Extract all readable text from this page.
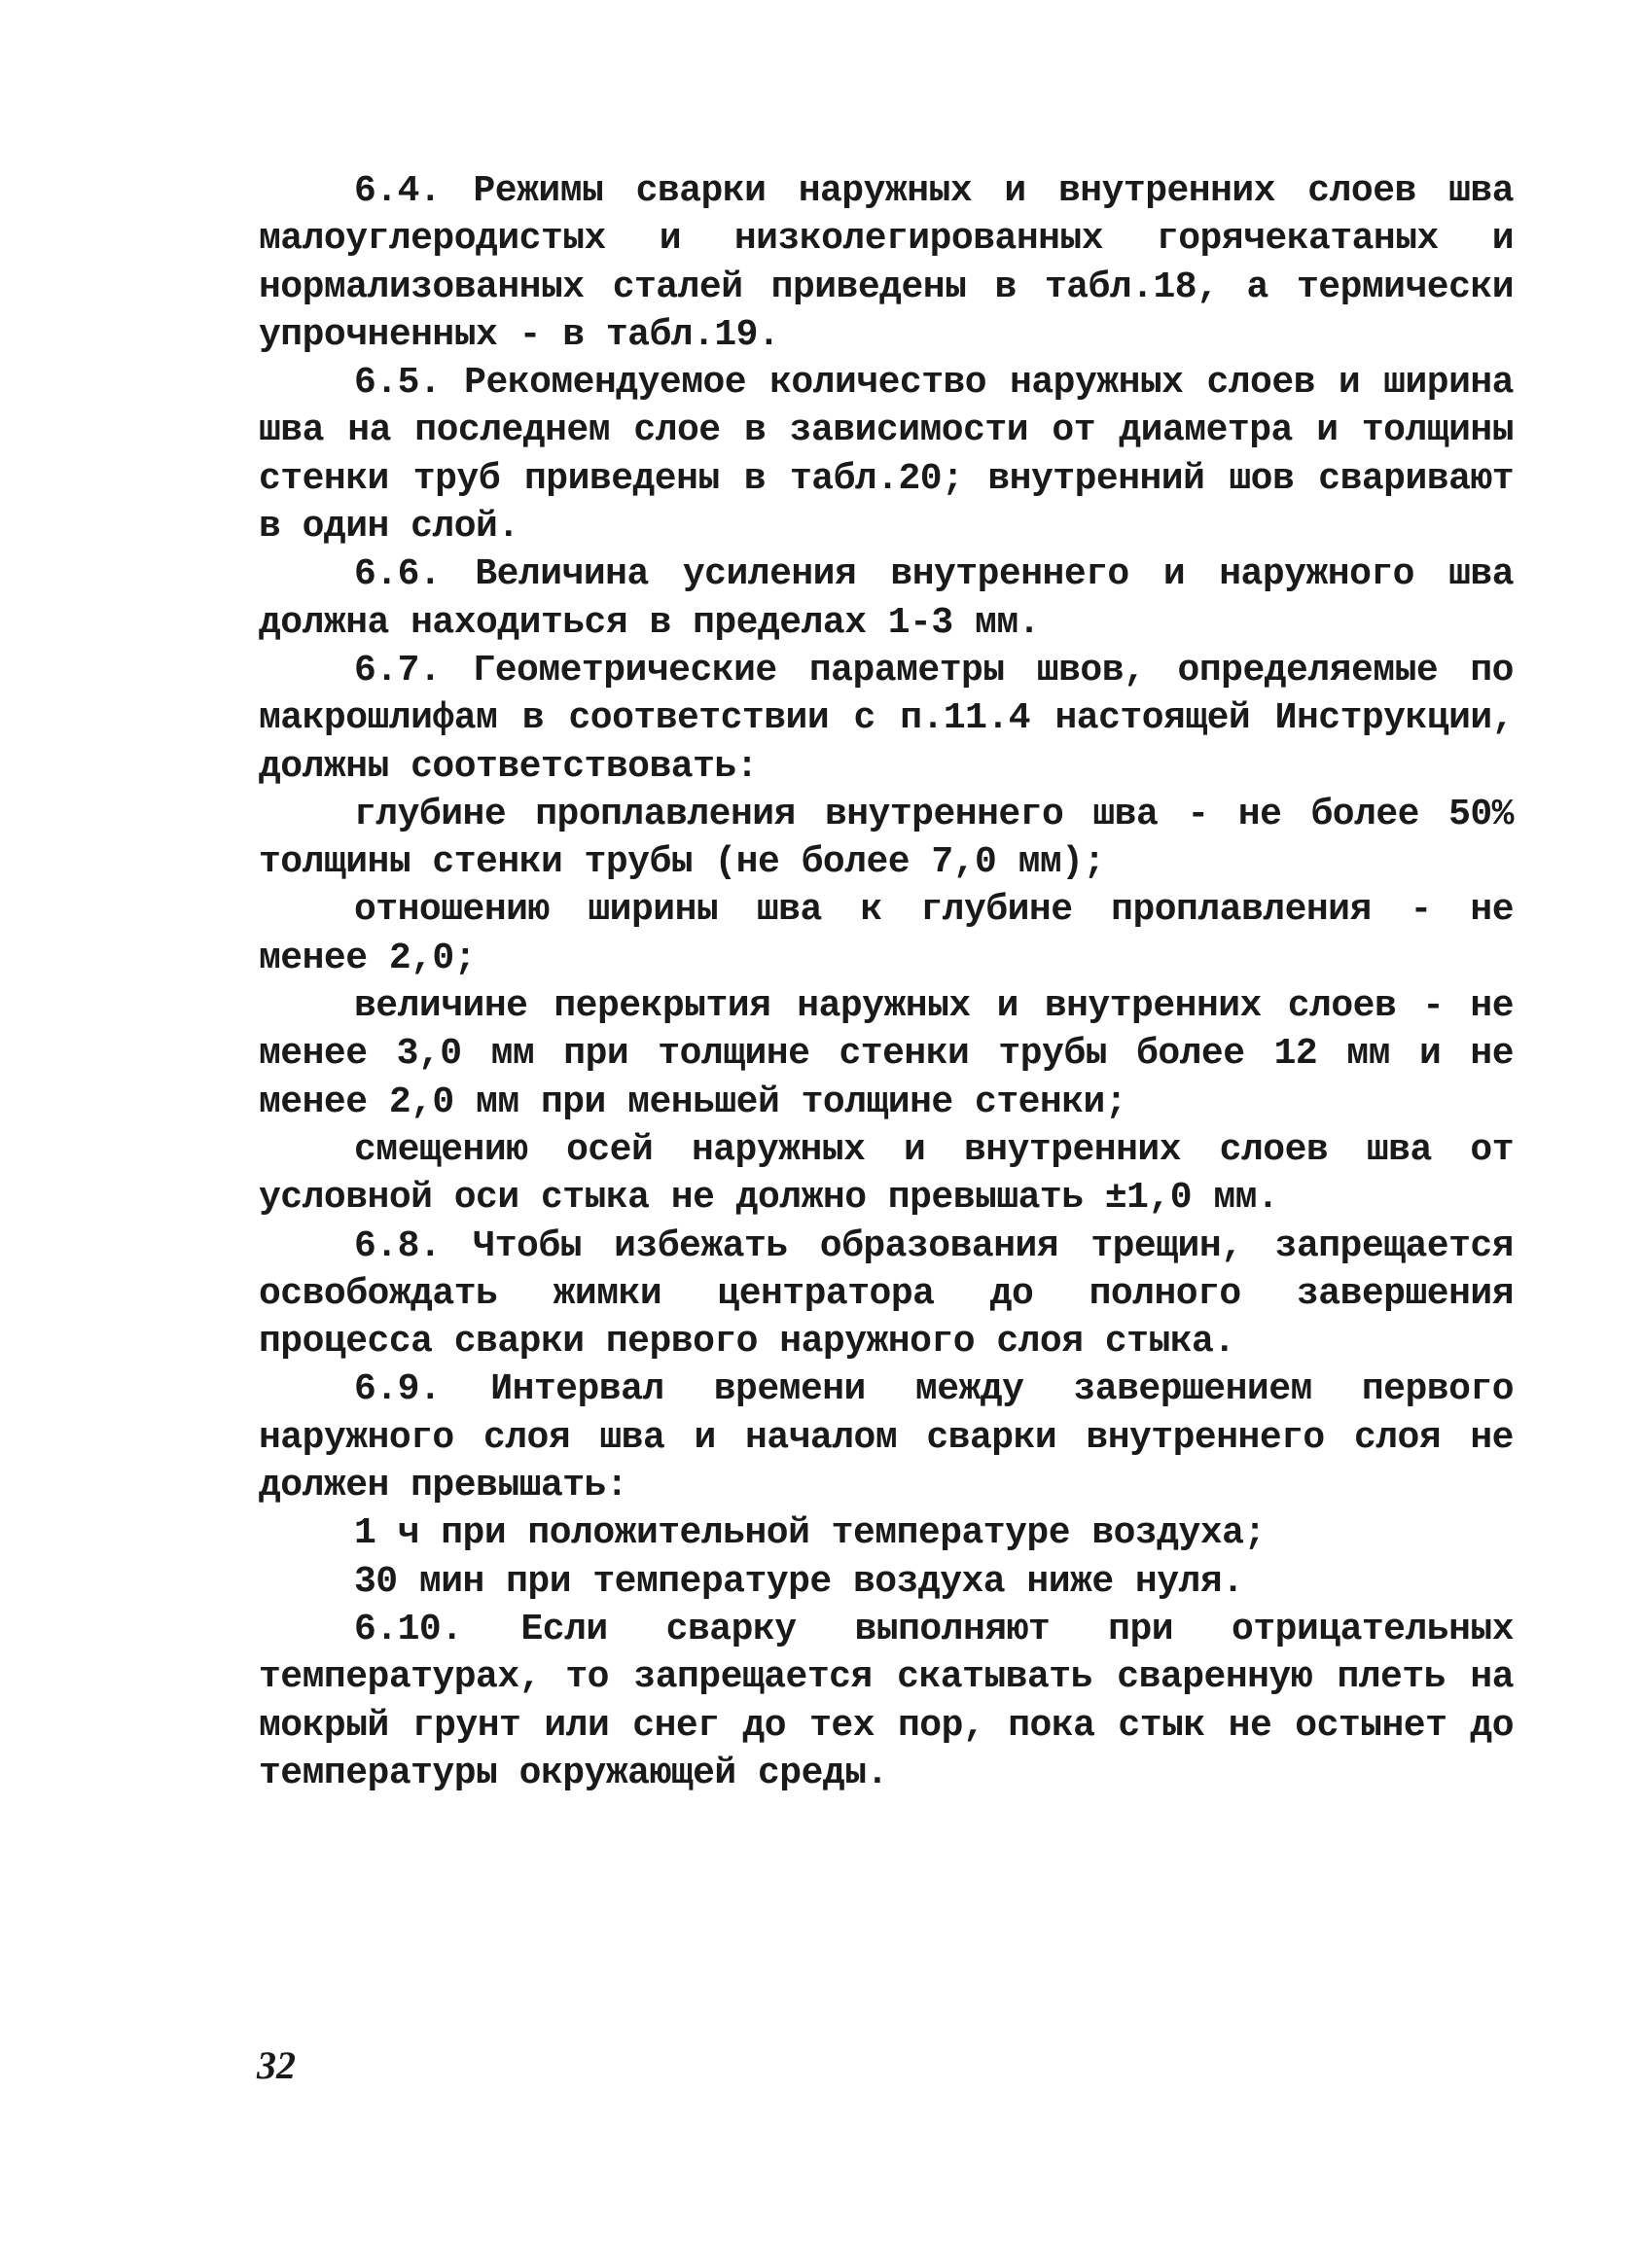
6.4. Режимы сварки наружных и внутренних слоев шва малоуглеродистых и низколегированных горячекатаных и нормализованных сталей приведены в табл.18, а термически упрочненных - в табл.19.

6.5. Рекомендуемое количество наружных слоев и ширина шва на последнем слое в зависимости от диаметра и толщины стенки труб приведены в табл.20; внутренний шов сваривают в один слой.

6.6. Величина усиления внутреннего и наружного шва должна находиться в пределах 1-3 мм.

6.7. Геометрические параметры швов, определяемые по макрошлифам в соответствии с п.11.4 настоящей Инструкции, должны соответствовать:

глубине проплавления внутреннего шва - не более 50% толщины стенки трубы (не более 7,0 мм);

отношению ширины шва к глубине проплавления - не менее 2,0;

величине перекрытия наружных и внутренних слоев - не менее 3,0 мм при толщине стенки трубы более 12 мм и не менее 2,0 мм при меньшей толщине стенки;

смещению осей наружных и внутренних слоев шва от условной оси стыка не должно превышать ±1,0 мм.

6.8. Чтобы избежать образования трещин, запрещается освобождать жимки центратора до полного завершения процесса сварки первого наружного слоя стыка.

6.9. Интервал времени между завершением первого наружного слоя шва и началом сварки внутреннего слоя не должен превышать:

1 ч при положительной температуре воздуха;

30 мин при температуре воздуха ниже нуля.

6.10. Если сварку выполняют при отрицательных температурах, то запрещается скатывать сваренную плеть на мокрый грунт или снег до тех пор, пока стык не остынет до температуры окружающей среды.

32
